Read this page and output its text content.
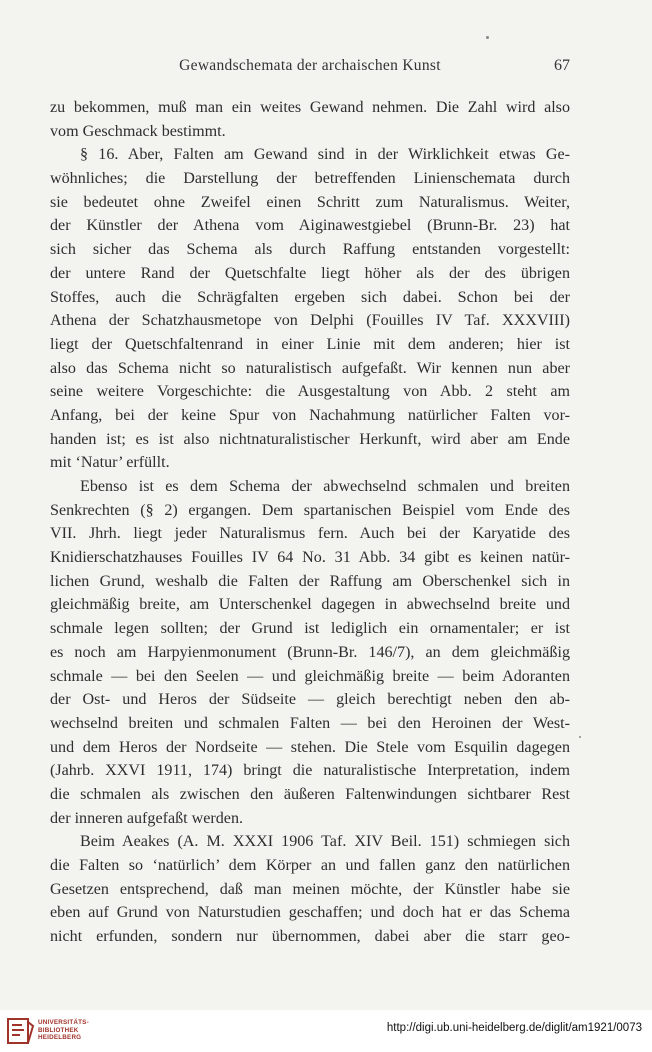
Gewandschemata der archaischen Kunst	67
zu bekommen, muß man ein weites Gewand nehmen. Die Zahl wird also
vom Geschmack bestimmt.
§ 16. Aber, Falten am Gewand sind in der Wirklichkeit etwas Ge-
wöhnliches; die Darstellung der betreffenden Linienschemata durch
sie bedeutet ohne Zweifel einen Schritt zum Naturalismus. Weiter,
der Künstler der Athena vom Aiginawestgiebel (Brunn-Br. 23) hat
sich sicher das Schema als durch Raffung entstanden vorgestellt:
der untere Rand der Quetschfalte liegt höher als der des übrigen
Stoffes, auch die Schrägfalten ergeben sich dabei. Schon bei der
Athena der Schatzhausmetope von Delphi (Fouilles IV Taf. XXXVIII)
liegt der Quetschfaltenrand in einer Linie mit dem anderen; hier ist
also das Schema nicht so naturalistisch aufgefaßt. Wir kennen nun aber
seine weitere Vorgeschichte: die Ausgestaltung von Abb. 2 steht am
Anfang, bei der keine Spur von Nachahmung natürlicher Falten vor-
handen ist; es ist also nichtnaturalistischer Herkunft, wird aber am Ende
mit ‘Natur’ erfüllt.
Ebenso ist es dem Schema der abwechselnd schmalen und breiten
Senkrechten (§ 2) ergangen. Dem spartanischen Beispiel vom Ende des
VII. Jhrh. liegt jeder Naturalismus fern. Auch bei der Karyatide des
Knidierschatzhauses Fouilles IV 64 No. 31 Abb. 34 gibt es keinen natür-
lichen Grund, weshalb die Falten der Raffung am Oberschenkel sich in
gleichmäßig breite, am Unterschenkel dagegen in abwechselnd breite und
schmale legen sollten; der Grund ist lediglich ein ornamentaler; er ist
es noch am Harpyienmonument (Brunn-Br. 146/7), an dem gleichmäßig
schmale — bei den Seelen — und gleichmäßig breite — beim Adoranten
der Ost- und Heros der Südseite — gleich berechtigt neben den ab-
wechselnd breiten und schmalen Falten — bei den Heroinen der West-
und dem Heros der Nordseite — stehen. Die Stele vom Esquilin dagegen
(Jahrb. XXVI 1911, 174) bringt die naturalistische Interpretation, indem
die schmalen als zwischen den äußeren Faltenwindungen sichtbarer Rest
der inneren aufgefaßt werden.
Beim Aeakes (A. M. XXXI 1906 Taf. XIV Beil. 151) schmiegen sich
die Falten so ‘natürlich’ dem Körper an und fallen ganz den natürlichen
Gesetzen entsprechend, daß man meinen möchte, der Künstler habe sie
eben auf Grund von Naturstudien geschaffen; und doch hat er das Schema
nicht erfunden, sondern nur übernommen, dabei aber die starr geo-
UNIVERSITÄTS-
BIBLIOTHEK
HEIDELBERG
http://digi.ub.uni-heidelberg.de/diglit/am1921/0073
